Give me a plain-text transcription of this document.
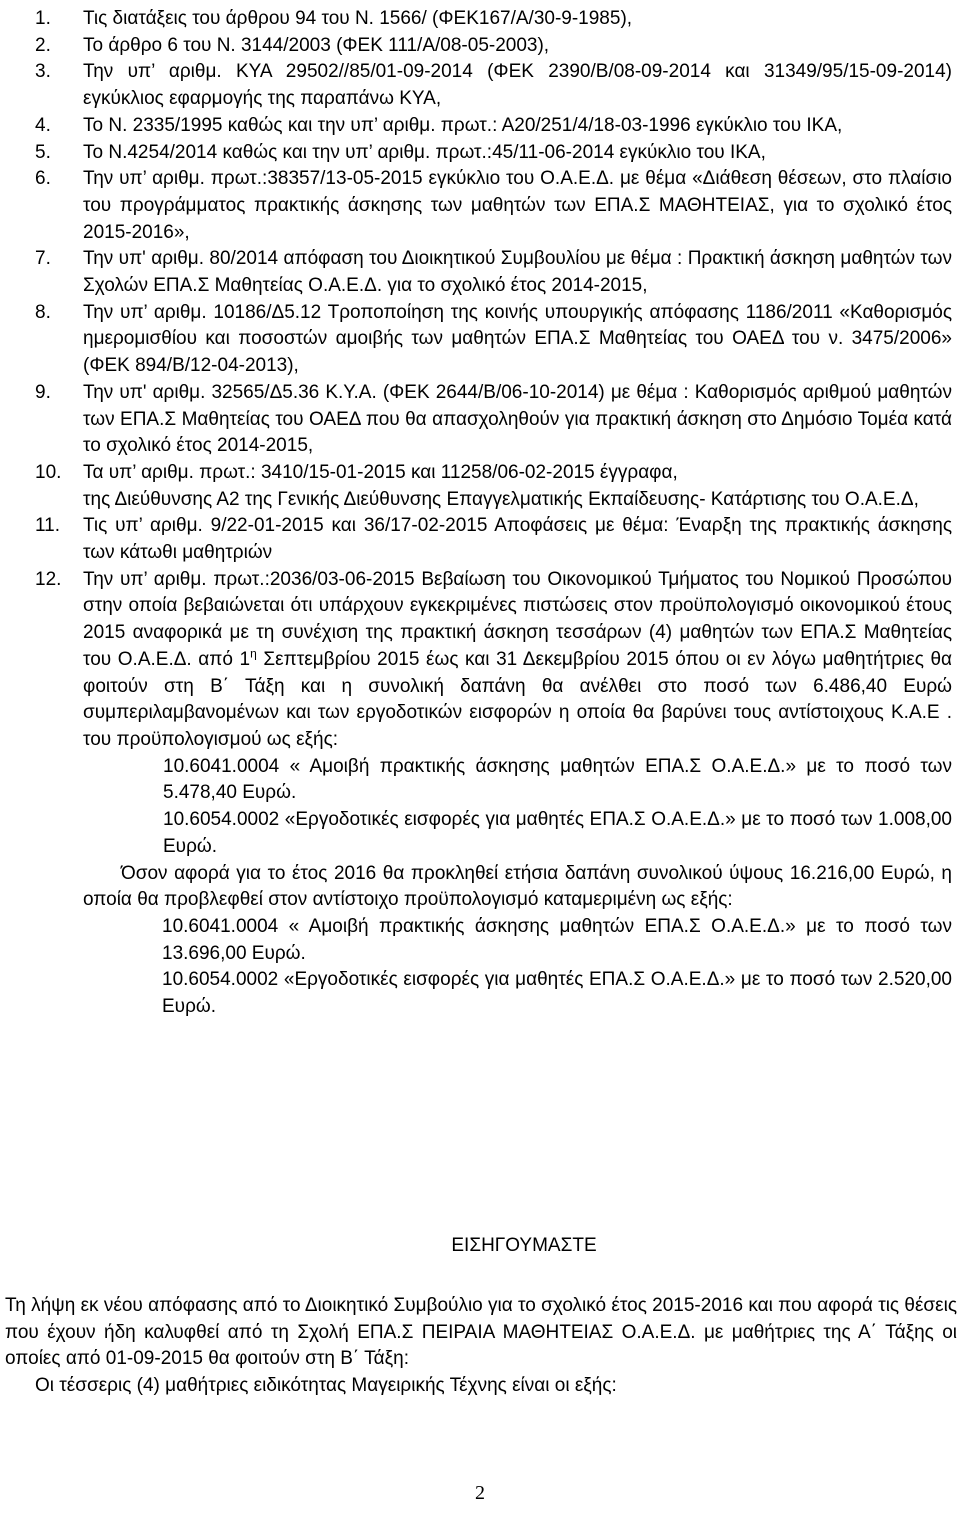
1. Τις διατάξεις του άρθρου 94 του Ν. 1566/ (ΦΕΚ167/Α/30-9-1985),
2. Το άρθρο 6 του Ν. 3144/2003 (ΦΕΚ 111/Α/08-05-2003),
3. Την υπ’ αριθμ. ΚΥΑ 29502//85/01-09-2014 (ΦΕΚ 2390/Β/08-09-2014 και 31349/95/15-09-2014) εγκύκλιος εφαρμογής της παραπάνω ΚΥΑ,
4. Το Ν. 2335/1995 καθώς και την υπ’ αριθμ. πρωτ.: Α20/251/4/18-03-1996 εγκύκλιο του ΙΚΑ,
5. Το Ν.4254/2014 καθώς και την υπ’ αριθμ. πρωτ.:45/11-06-2014 εγκύκλιο του ΙΚΑ,
6. Την υπ’ αριθμ. πρωτ.:38357/13-05-2015 εγκύκλιο του Ο.Α.Ε.Δ. με θέμα «Διάθεση θέσεων, στο πλαίσιο του προγράμματος πρακτικής άσκησης των μαθητών των ΕΠΑ.Σ ΜΑΘΗΤΕΙΑΣ, για το σχολικό έτος 2015-2016»,
7. Την υπ' αριθμ. 80/2014 απόφαση του Διοικητικού Συμβουλίου με θέμα : Πρακτική άσκηση μαθητών των Σχολών ΕΠΑ.Σ Μαθητείας Ο.Α.Ε.Δ. για το σχολικό έτος 2014-2015,
8. Την υπ’ αριθμ. 10186/Δ5.12 Τροποποίηση της κοινής υπουργικής απόφασης 1186/2011 «Καθορισμός ημερομισθίου και ποσοστών αμοιβής των μαθητών ΕΠΑ.Σ Μαθητείας του ΟΑΕΔ του ν. 3475/2006» (ΦΕΚ 894/Β/12-04-2013),
9. Την υπ' αριθμ. 32565/Δ5.36 Κ.Υ.Α. (ΦΕΚ 2644/Β/06-10-2014) με θέμα : Καθορισμός αριθμού μαθητών των ΕΠΑ.Σ Μαθητείας του ΟΑΕΔ που θα απασχοληθούν για πρακτική άσκηση στο Δημόσιο Τομέα κατά το σχολικό έτος 2014-2015,
10. Τα υπ’ αριθμ. πρωτ.: 3410/15-01-2015 και 11258/06-02-2015 έγγραφα,
της Διεύθυνσης Α2 της Γενικής Διεύθυνσης Επαγγελματικής Εκπαίδευσης- Κατάρτισης του Ο.Α.Ε.Δ,
11. Τις υπ’ αριθμ. 9/22-01-2015 και 36/17-02-2015 Αποφάσεις με θέμα: Έναρξη της πρακτικής άσκησης των κάτωθι μαθητριών
12. Την υπ’ αριθμ. πρωτ.:2036/03-06-2015 Βεβαίωση του Οικονομικού Τμήματος του Νομικού Προσώπου στην οποία βεβαιώνεται ότι υπάρχουν εγκεκριμένες πιστώσεις στον προϋπολογισμό οικονομικού έτους 2015 αναφορικά με τη συνέχιση της πρακτική άσκηση τεσσάρων (4) μαθητών των ΕΠΑ.Σ Μαθητείας του Ο.Α.Ε.Δ. από $1^\eta$ Σεπτεμβρίου 2015 έως και 31 Δεκεμβρίου 2015 όπου οι εν λόγω μαθητήτριες θα φοιτούν στη Β΄ Τάξη και η συνολική δαπάνη θα ανέλθει στο ποσό των 6.486,40 Ευρώ συμπεριλαμβανομένων και των εργοδοτικών εισφορών η οποία θα βαρύνει τους αντίστοιχους Κ.Α.Ε . του προϋπολογισμού ως εξής:
10.6041.0004 « Αμοιβή πρακτικής άσκησης μαθητών ΕΠΑ.Σ Ο.Α.Ε.Δ.» με το ποσό των 5.478,40 Ευρώ.
10.6054.0002 «Εργοδοτικές εισφορές για μαθητές ΕΠΑ.Σ Ο.Α.Ε.Δ.» με το ποσό των 1.008,00 Ευρώ.
Όσον αφορά για το έτος 2016 θα προκληθεί ετήσια δαπάνη συνολικού ύψους 16.216,00 Ευρώ, η οποία θα προβλεφθεί στον αντίστοιχο προϋπολογισμό καταμεριμένη ως εξής:
10.6041.0004 « Αμοιβή πρακτικής άσκησης μαθητών ΕΠΑ.Σ Ο.Α.Ε.Δ.» με το ποσό των 13.696,00 Ευρώ.
10.6054.0002 «Εργοδοτικές εισφορές για μαθητές ΕΠΑ.Σ Ο.Α.Ε.Δ.» με το ποσό των 2.520,00 Ευρώ.
ΕΙΣΗΓΟΥΜΑΣΤΕ
Τη λήψη εκ νέου απόφασης από το Διοικητικό Συμβούλιο για το σχολικό έτος 2015-2016 και που αφορά τις θέσεις που έχουν ήδη καλυφθεί από τη Σχολή ΕΠΑ.Σ ΠΕΙΡΑΙΑ ΜΑΘΗΤΕΙΑΣ Ο.Α.Ε.Δ. με μαθήτριες της Α΄ Τάξης οι οποίες από 01-09-2015 θα φοιτούν στη Β΄ Τάξη:
Οι τέσσερις (4) μαθήτριες ειδικότητας Μαγειρικής Τέχνης είναι οι εξής:
2
